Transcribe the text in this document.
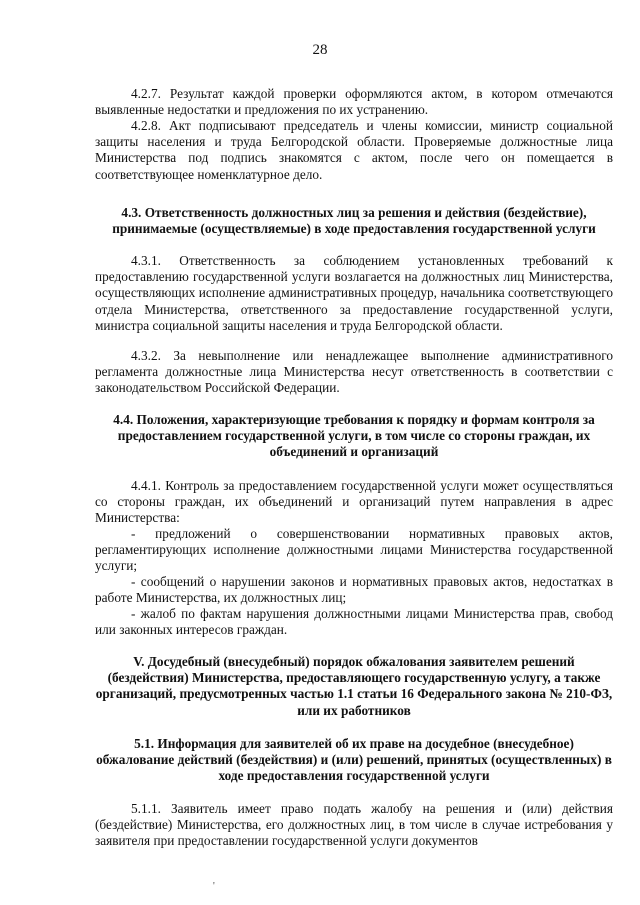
28

4.2.7. Результат каждой проверки оформляются актом, в котором отмечаются выявленные недостатки и предложения по их устранению.

4.2.8. Акт подписывают председатель и члены комиссии, министр социальной защиты населения и труда Белгородской области. Проверяемые должностные лица Министерства под подпись знакомятся с актом, после чего он помещается в соответствующее номенклатурное дело.

4.3. Ответственность должностных лиц за решения и действия (бездействие), принимаемые (осуществляемые) в ходе предоставления государственной услуги

4.3.1. Ответственность за соблюдением установленных требований к предоставлению государственной услуги возлагается на должностных лиц Министерства, осуществляющих исполнение административных процедур, начальника соответствующего отдела Министерства, ответственного за предоставление государственной услуги, министра социальной защиты населения и труда Белгородской области.

4.3.2. За невыполнение или ненадлежащее выполнение административного регламента должностные лица Министерства несут ответственность в соответствии с законодательством Российской Федерации.

4.4. Положения, характеризующие требования к порядку и формам контроля за предоставлением государственной услуги, в том числе со стороны граждан, их объединений и организаций

4.4.1. Контроль за предоставлением государственной услуги может осуществляться со стороны граждан, их объединений и организаций путем направления в адрес Министерства:

- предложений о совершенствовании нормативных правовых актов, регламентирующих исполнение должностными лицами Министерства государственной услуги;

- сообщений о нарушении законов и нормативных правовых актов, недостатках в работе Министерства, их должностных лиц;

- жалоб по фактам нарушения должностными лицами Министерства прав, свобод или законных интересов граждан.

V. Досудебный (внесудебный) порядок обжалования заявителем решений (бездействия) Министерства, предоставляющего государственную услугу, а также организаций, предусмотренных частью 1.1 статьи 16 Федерального закона № 210-ФЗ, или их работников

5.1. Информация для заявителей об их праве на досудебное (внесудебное) обжалование действий (бездействия) и (или) решений, принятых (осуществленных) в ходе предоставления государственной услуги

5.1.1. Заявитель имеет право подать жалобу на решения и (или) действия (бездействие) Министерства, его должностных лиц, в том числе в случае истребования у заявителя при предоставлении государственной услуги документов

'
